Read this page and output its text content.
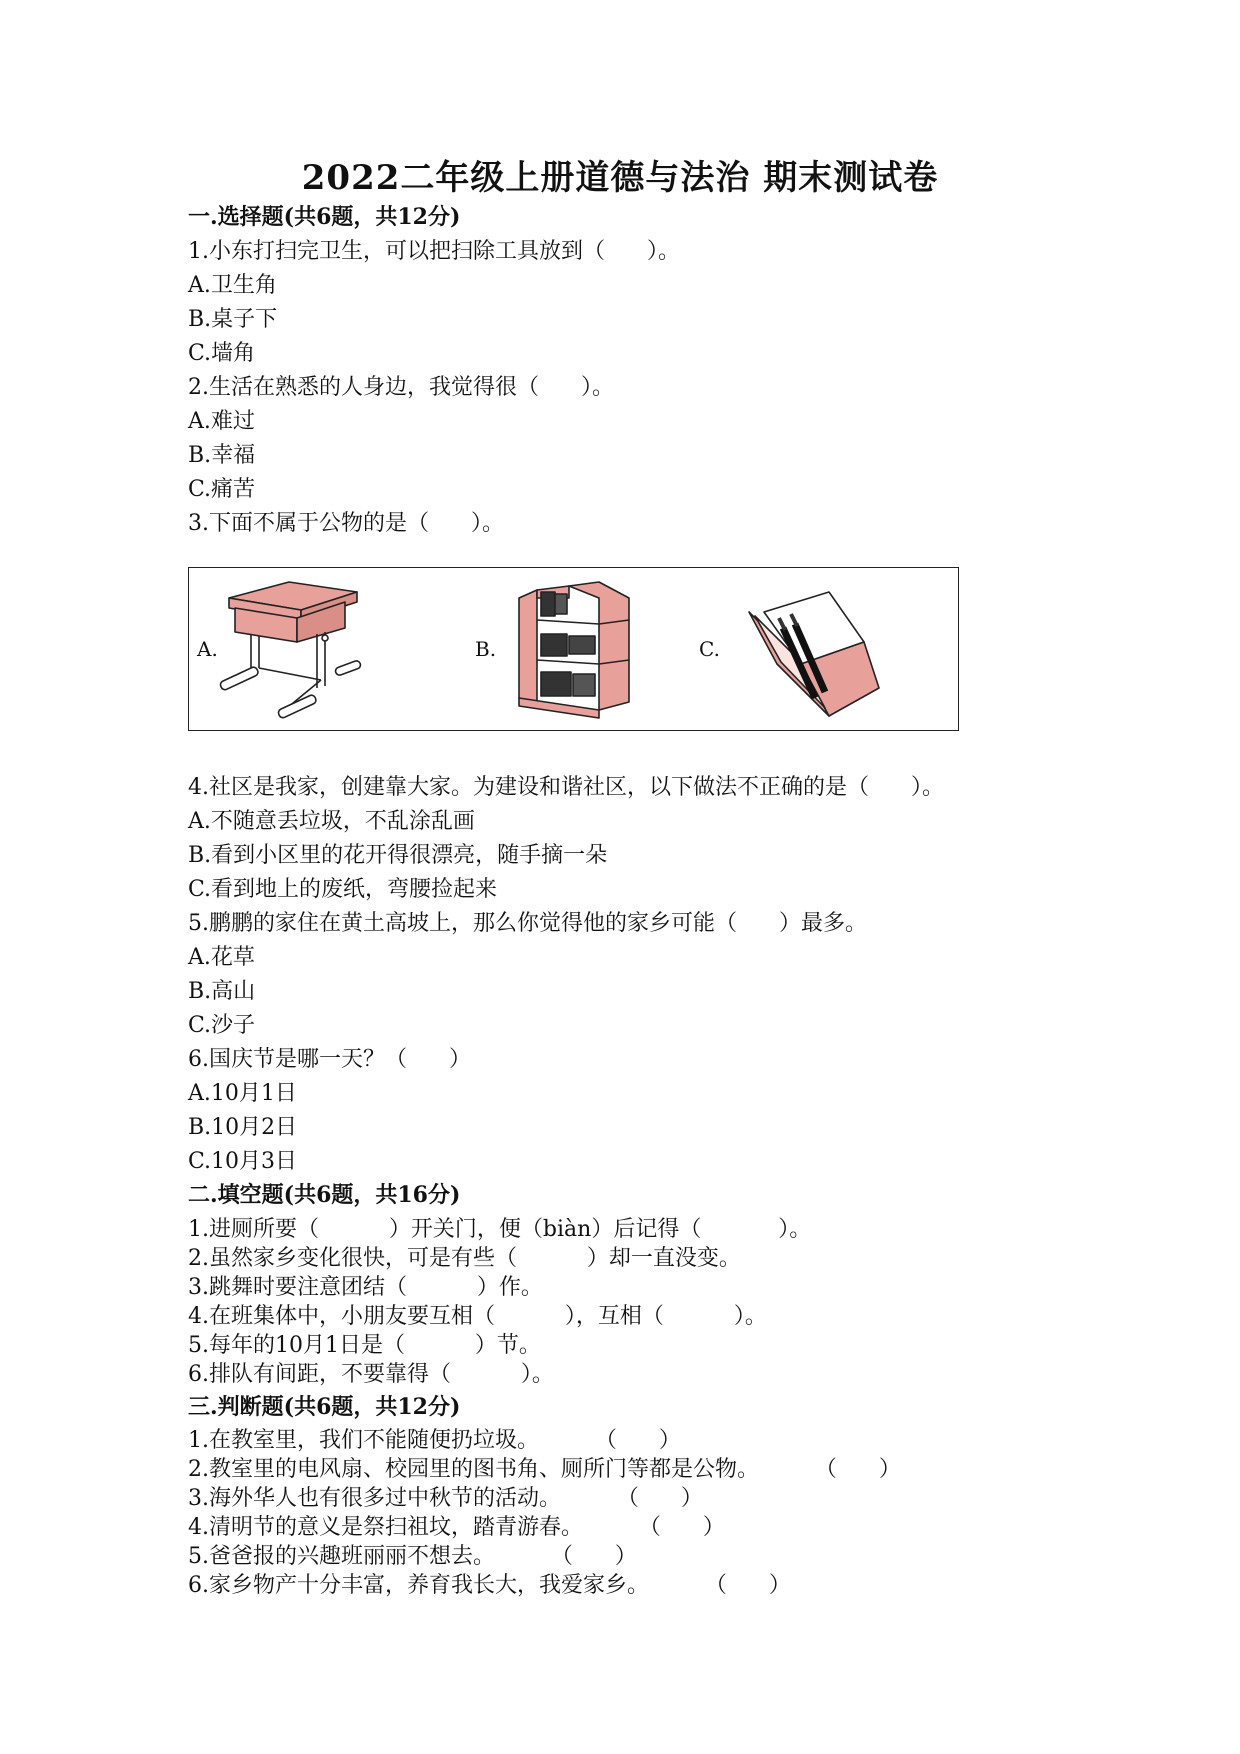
2022二年级上册道德与法治 期末测试卷
一.选择题(共6题，共12分)
1.小东打扫完卫生，可以把扫除工具放到（      ）。
A.卫生角
B.桌子下
C.墙角
2.生活在熟悉的人身边，我觉得很（      ）。
A.难过
B.幸福
C.痛苦
3.下面不属于公物的是（      ）。
A.	B.	C.
4.社区是我家，创建靠大家。为建设和谐社区，以下做法不正确的是（      ）。
A.不随意丢垃圾，不乱涂乱画
B.看到小区里的花开得很漂亮，随手摘一朵
C.看到地上的废纸，弯腰捡起来
5.鹏鹏的家住在黄土高坡上，那么你觉得他的家乡可能（      ）最多。
A.花草
B.高山
C.沙子
6.国庆节是哪一天？（      ）
A.10月1日
B.10月2日
C.10月3日
二.填空题(共6题，共16分)
1.进厕所要（          ）开关门，便（biàn）后记得（           ）。
2.虽然家乡变化很快，可是有些（          ）却一直没变。
3.跳舞时要注意团结（          ）作。
4.在班集体中，小朋友要互相（          ），互相（          ）。
5.每年的10月1日是（          ）节。
6.排队有间距，不要靠得（          ）。
三.判断题(共6题，共12分)
1.在教室里，我们不能随便扔垃圾。        （      ）
2.教室里的电风扇、校园里的图书角、厕所门等都是公物。        （      ）
3.海外华人也有很多过中秋节的活动。        （      ）
4.清明节的意义是祭扫祖坟，踏青游春。        （      ）
5.爸爸报的兴趣班丽丽不想去。        （      ）
6.家乡物产十分丰富，养育我长大，我爱家乡。        （      ）
